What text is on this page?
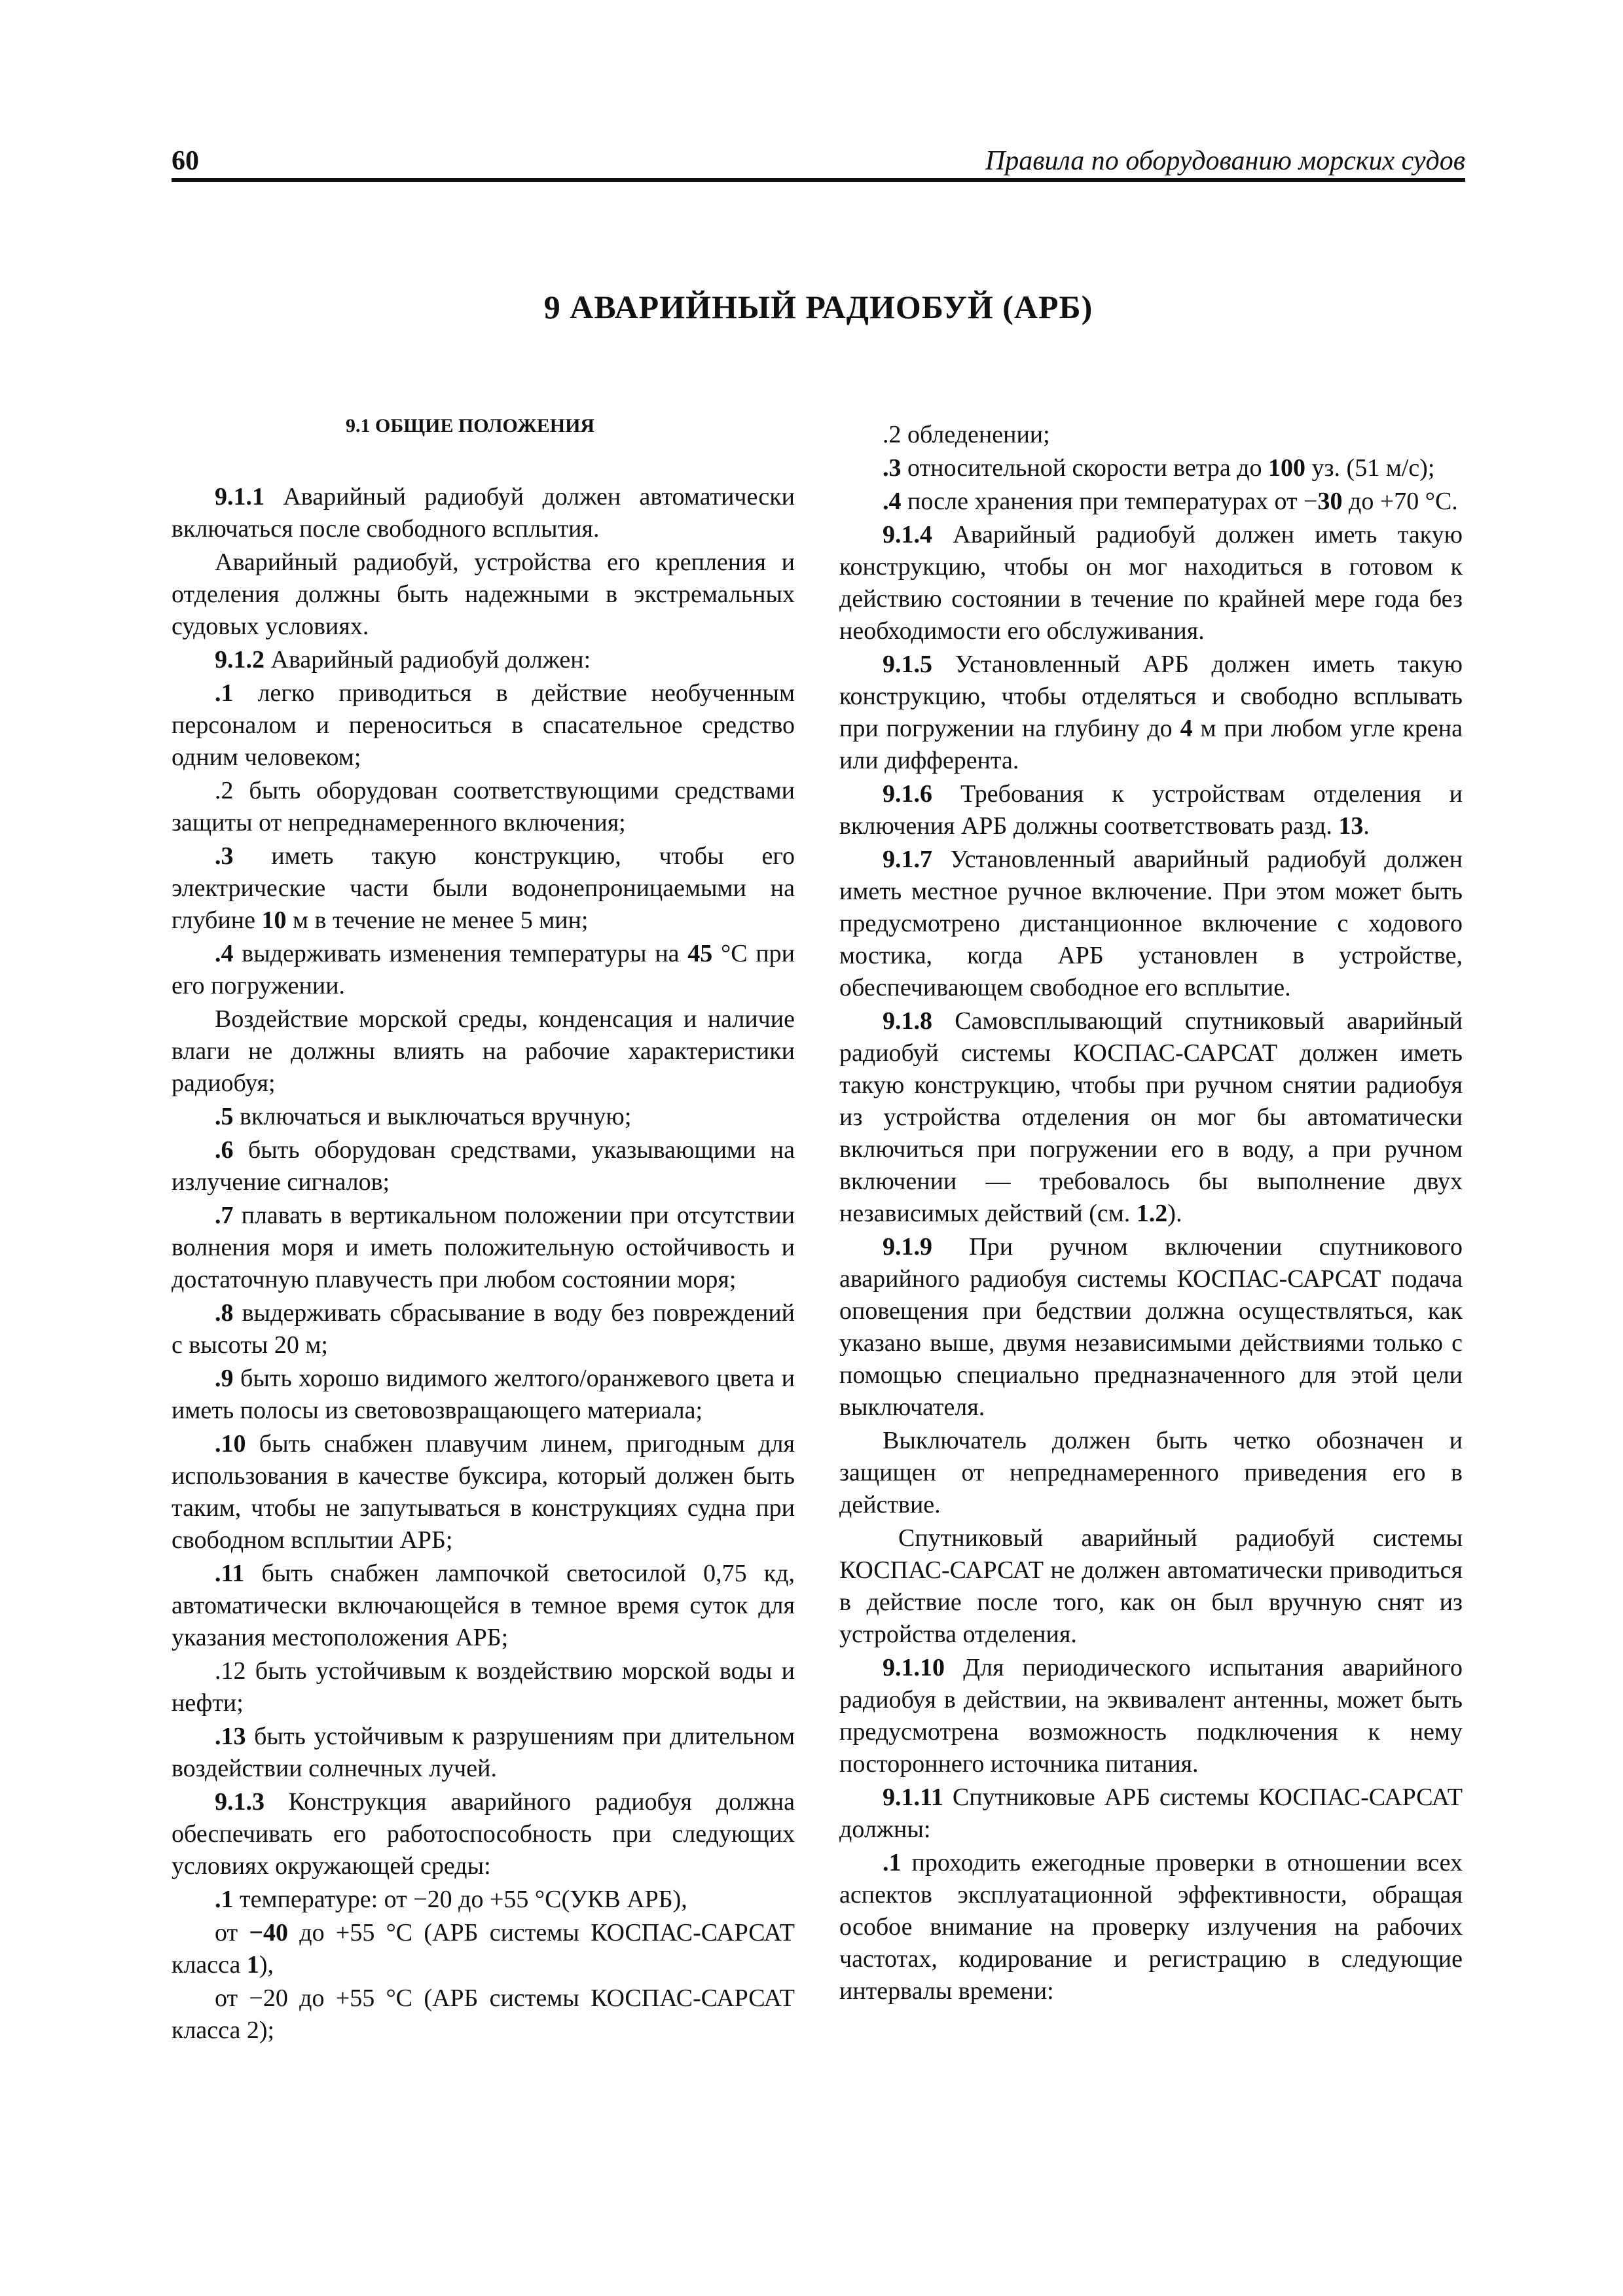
60	Правила по оборудованию морских судов
9 АВАРИЙНЫЙ РАДИОБУЙ (АРБ)

9.1 ОБЩИЕ ПОЛОЖЕНИЯ

9.1.1 Аварийный радиобуй должен автоматически включаться после свободного всплытия.

Аварийный радиобуй, устройства его крепления и отделения должны быть надежными в экстремальных судовых условиях.

9.1.2 Аварийный радиобуй должен:

.1 легко приводиться в действие необученным персоналом и переноситься в спасательное средство одним человеком;

.2 быть оборудован соответствующими средствами защиты от непреднамеренного включения;

.3 иметь такую конструкцию, чтобы его электрические части были водонепроницаемыми на глубине 10 м в течение не менее 5 мин;

.4 выдерживать изменения температуры на 45 °С при его погружении.

Воздействие морской среды, конденсация и наличие влаги не должны влиять на рабочие характеристики радиобуя;

.5 включаться и выключаться вручную;

.6 быть оборудован средствами, указывающими на излучение сигналов;

.7 плавать в вертикальном положении при отсутствии волнения моря и иметь положительную остойчивость и достаточную плавучесть при любом состоянии моря;

.8 выдерживать сбрасывание в воду без повреждений с высоты 20 м;

.9 быть хорошо видимого желтого/оранжевого цвета и иметь полосы из световозвращающего материала;

.10 быть снабжен плавучим линем, пригодным для использования в качестве буксира, который должен быть таким, чтобы не запутываться в конструкциях судна при свободном всплытии АРБ;

.11 быть снабжен лампочкой светосилой 0,75 кд, автоматически включающейся в темное время суток для указания местоположения АРБ;

.12 быть устойчивым к воздействию морской воды и нефти;

.13 быть устойчивым к разрушениям при длительном воздействии солнечных лучей.

9.1.3 Конструкция аварийного радиобуя должна обеспечивать его работоспособность при следующих условиях окружающей среды:

.1 температуре: от −20 до +55 °С(УКВ АРБ),

от −40 до +55 °С (АРБ системы КОСПАС-САРСАТ класса 1),

от −20 до +55 °С (АРБ системы КОСПАС-САРСАТ класса 2);

.2 обледенении;

.3 относительной скорости ветра до 100 уз. (51 м/с);

.4 после хранения при температурах от −30 до +70 °С.

9.1.4 Аварийный радиобуй должен иметь такую конструкцию, чтобы он мог находиться в готовом к действию состоянии в течение по крайней мере года без необходимости его обслуживания.

9.1.5 Установленный АРБ должен иметь такую конструкцию, чтобы отделяться и свободно всплывать при погружении на глубину до 4 м при любом угле крена или дифферента.

9.1.6 Требования к устройствам отделения и включения АРБ должны соответствовать разд. 13.

9.1.7 Установленный аварийный радиобуй должен иметь местное ручное включение. При этом может быть предусмотрено дистанционное включение с ходового мостика, когда АРБ установлен в устройстве, обеспечивающем свободное его всплытие.

9.1.8 Самовсплывающий спутниковый аварийный радиобуй системы КОСПАС-САРСАТ должен иметь такую конструкцию, чтобы при ручном снятии радиобуя из устройства отделения он мог бы автоматически включиться при погружении его в воду, а при ручном включении — требовалось бы выполнение двух независимых действий (см. 1.2).

9.1.9 При ручном включении спутникового аварийного радиобуя системы КОСПАС-САРСАТ подача оповещения при бедствии должна осуществляться, как указано выше, двумя независимыми действиями только с помощью специально предназначенного для этой цели выключателя.

Выключатель должен быть четко обозначен и защищен от непреднамеренного приведения его в действие.

Спутниковый аварийный радиобуй системы КОСПАС-САРСАТ не должен автоматически приводиться в действие после того, как он был вручную снят из устройства отделения.

9.1.10 Для периодического испытания аварийного радиобуя в действии, на эквивалент антенны, может быть предусмотрена возможность подключения к нему постороннего источника питания.

9.1.11 Спутниковые АРБ системы КОСПАС-САРСАТ должны:

.1 проходить ежегодные проверки в отношении всех аспектов эксплуатационной эффективности, обращая особое внимание на проверку излучения на рабочих частотах, кодирование и регистрацию в следующие интервалы времени:
